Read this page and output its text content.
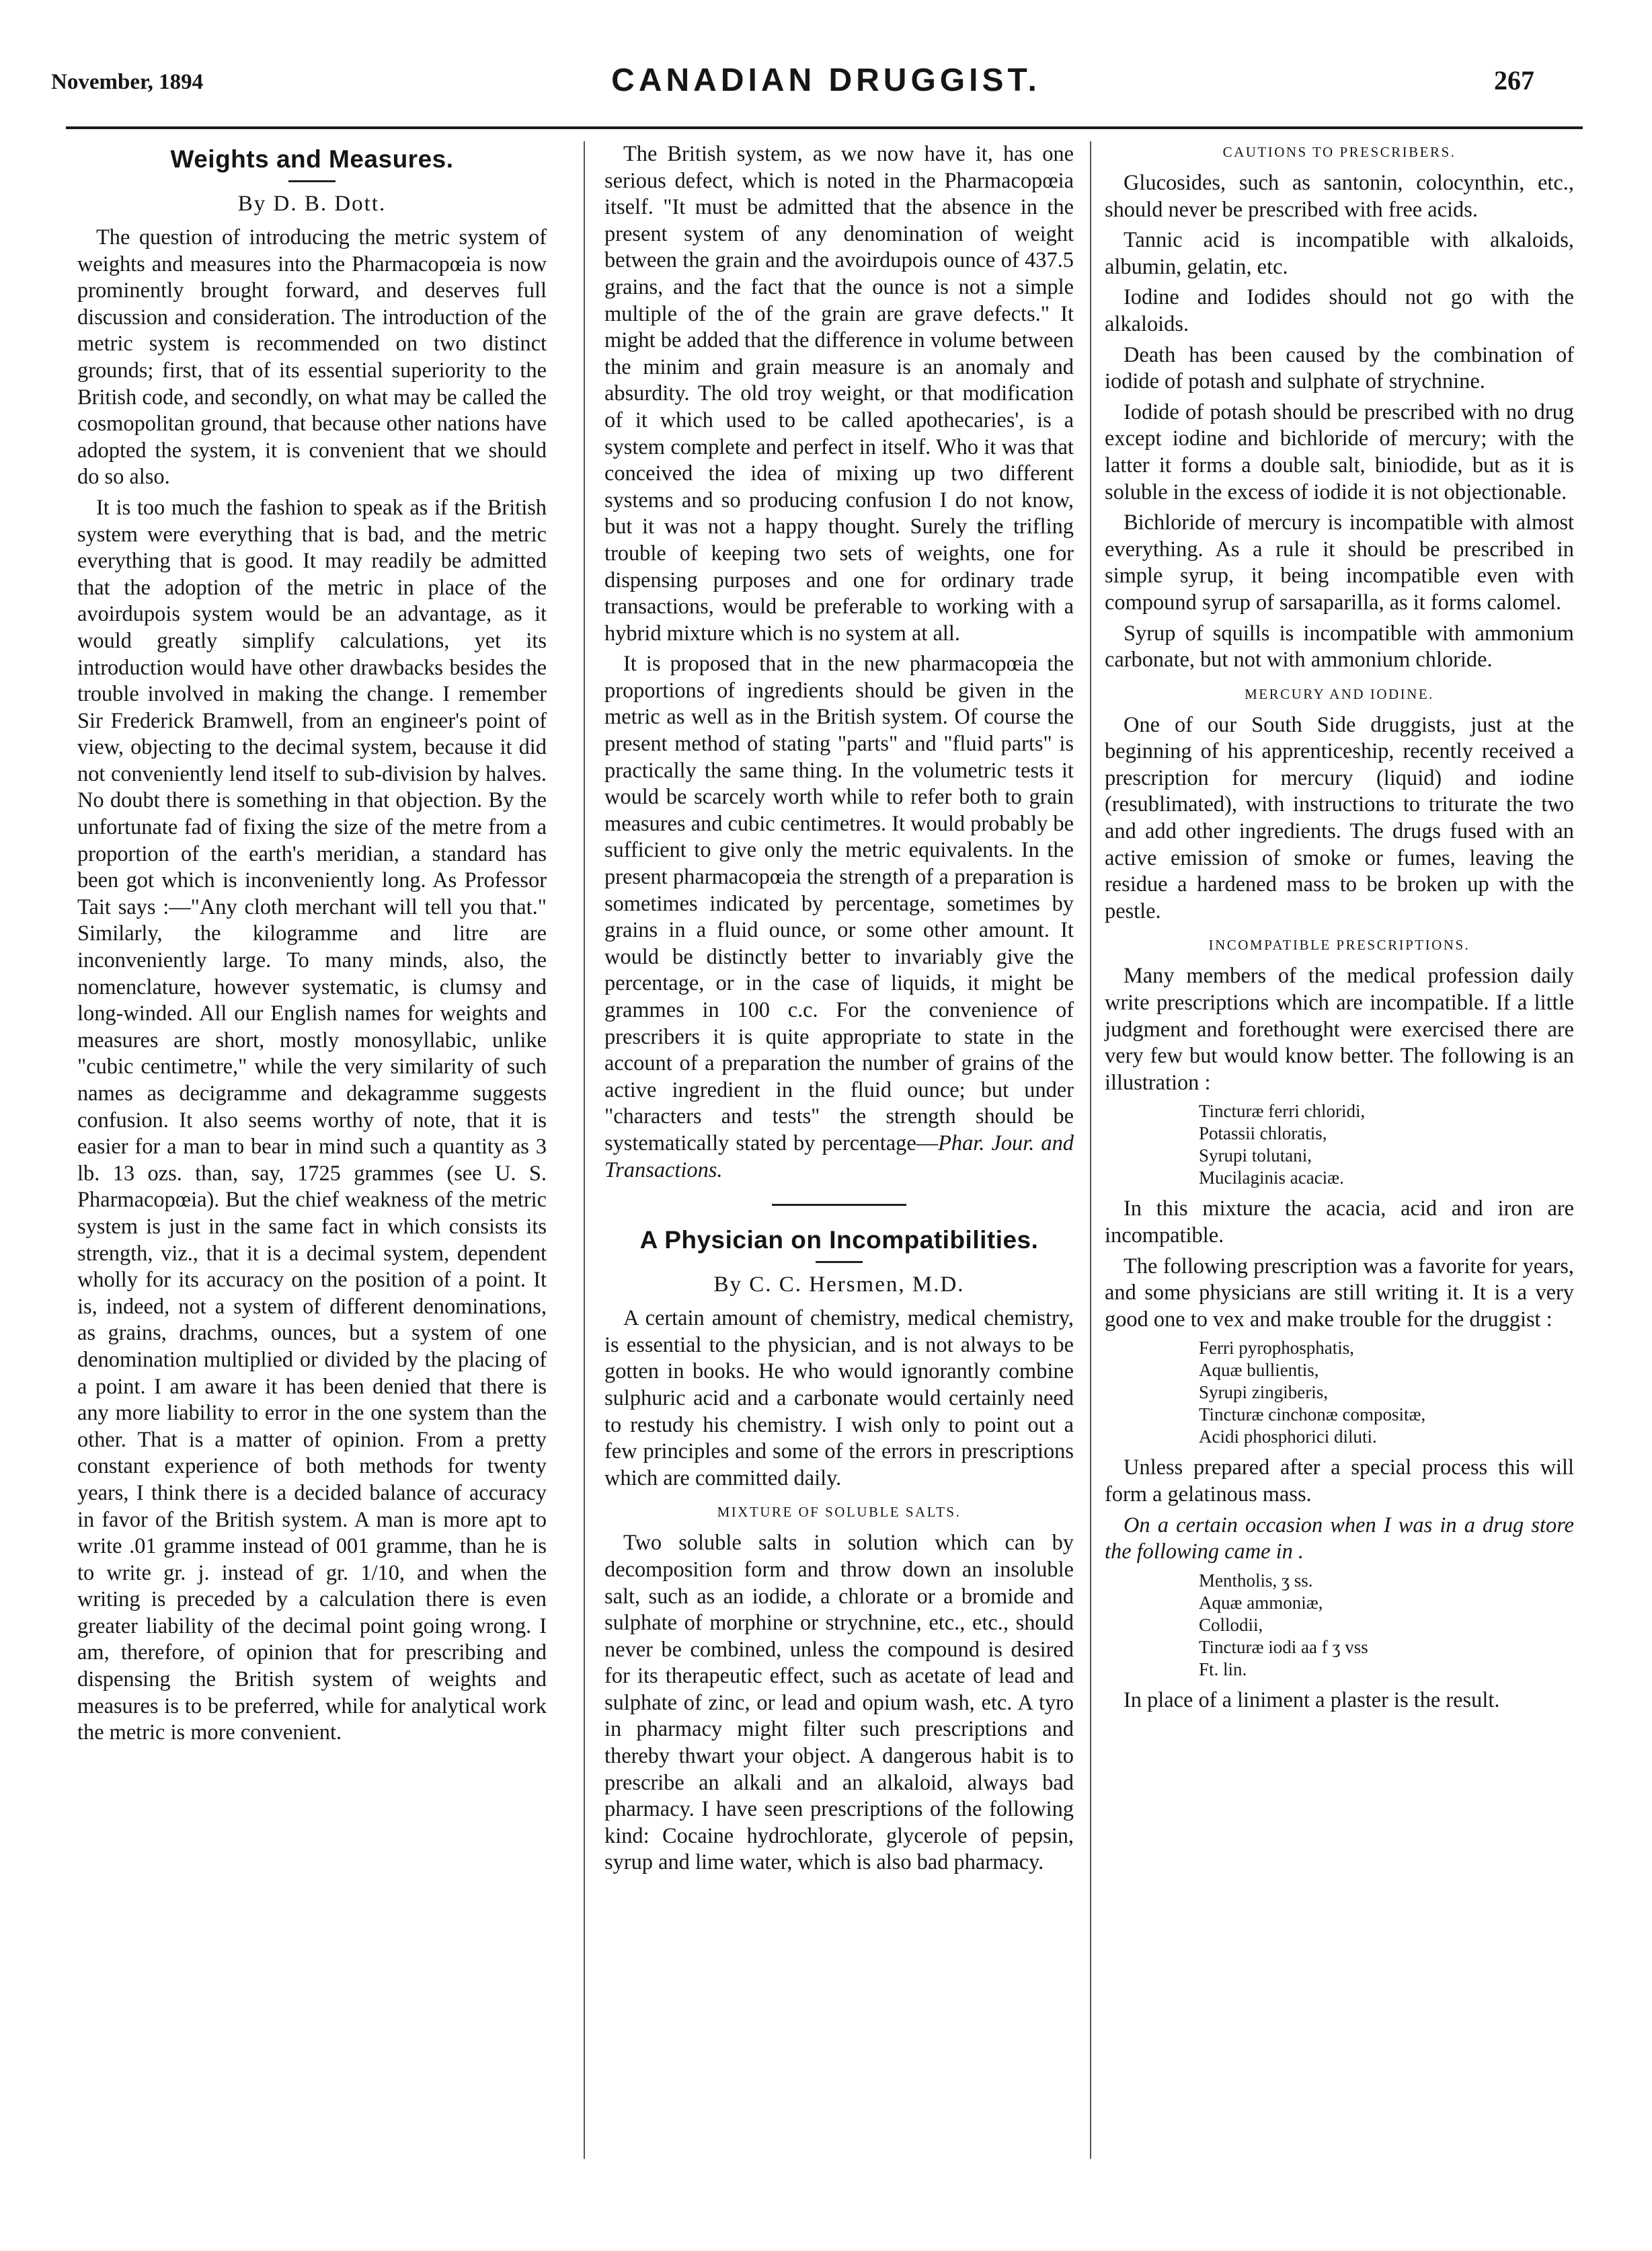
November, 1894	CANADIAN DRUGGIST.	267
Weights and Measures.
By D. B. Dott.

The question of introducing the metric system of weights and measures into the Pharmacopœia is now prominently brought forward, and deserves full discussion and consideration. The introduction of the metric system is recommended on two distinct grounds; first, that of its essential superiority to the British code, and secondly, on what may be called the cosmopolitan ground, that because other nations have adopted the system, it is convenient that we should do so also.

It is too much the fashion to speak as if the British system were everything that is bad, and the metric everything that is good. It may readily be admitted that the adoption of the metric in place of the avoirdupois system would be an advantage, as it would greatly simplify calculations, yet its introduction would have other drawbacks besides the trouble involved in making the change. I remember Sir Frederick Bramwell, from an engineer's point of view, objecting to the decimal system, because it did not conveniently lend itself to sub-division by halves. No doubt there is something in that objection. By the unfortunate fad of fixing the size of the metre from a proportion of the earth's meridian, a standard has been got which is inconveniently long. As Professor Tait says :—"Any cloth merchant will tell you that." Similarly, the kilogramme and litre are inconveniently large. To many minds, also, the nomenclature, however systematic, is clumsy and long-winded. All our English names for weights and measures are short, mostly monosyllabic, unlike "cubic centimetre," while the very similarity of such names as decigramme and dekagramme suggests confusion. It also seems worthy of note, that it is easier for a man to bear in mind such a quantity as 3 lb. 13 ozs. than, say, 1725 grammes (see U. S. Pharmacopœia). But the chief weakness of the metric system is just in the same fact in which consists its strength, viz., that it is a decimal system, dependent wholly for its accuracy on the position of a point. It is, indeed, not a system of different denominations, as grains, drachms, ounces, but a system of one denomination multiplied or divided by the placing of a point. I am aware it has been denied that there is any more liability to error in the one system than the other. That is a matter of opinion. From a pretty constant experience of both methods for twenty years, I think there is a decided balance of accuracy in favor of the British system. A man is more apt to write .01 gramme instead of 001 gramme, than he is to write gr. j. instead of gr. 1/10, and when the writing is preceded by a calculation there is even greater liability of the decimal point going wrong. I am, therefore, of opinion that for prescribing and dispensing the British system of weights and measures is to be preferred, while for analytical work the metric is more convenient.

The British system, as we now have it, has one serious defect, which is noted in the Pharmacopœia itself. "It must be admitted that the absence in the present system of any denomination of weight between the grain and the avoirdupois ounce of 437.5 grains, and the fact that the ounce is not a simple multiple of the of the grain are grave defects." It might be added that the difference in volume between the minim and grain measure is an anomaly and absurdity. The old troy weight, or that modification of it which used to be called apothecaries', is a system complete and perfect in itself. Who it was that conceived the idea of mixing up two different systems and so producing confusion I do not know, but it was not a happy thought. Surely the trifling trouble of keeping two sets of weights, one for dispensing purposes and one for ordinary trade transactions, would be preferable to working with a hybrid mixture which is no system at all.

It is proposed that in the new pharmacopœia the proportions of ingredients should be given in the metric as well as in the British system. Of course the present method of stating "parts" and "fluid parts" is practically the same thing. In the volumetric tests it would be scarcely worth while to refer both to grain measures and cubic centimetres. It would probably be sufficient to give only the metric equivalents. In the present pharmacopœia the strength of a preparation is sometimes indicated by percentage, sometimes by grains in a fluid ounce, or some other amount. It would be distinctly better to invariably give the percentage, or in the case of liquids, it might be grammes in 100 c.c. For the convenience of prescribers it is quite appropriate to state in the account of a preparation the number of grains of the active ingredient in the fluid ounce; but under "characters and tests" the strength should be systematically stated by percentage—Phar. Jour. and Transactions.

A Physician on Incompatibilities.
By C. C. Hersmen, M.D.

A certain amount of chemistry, medical chemistry, is essential to the physician, and is not always to be gotten in books. He who would ignorantly combine sulphuric acid and a carbonate would certainly need to restudy his chemistry. I wish only to point out a few principles and some of the errors in prescriptions which are committed daily.

MIXTURE OF SOLUBLE SALTS.

Two soluble salts in solution which can by decomposition form and throw down an insoluble salt, such as an iodide, a chlorate or a bromide and sulphate of morphine or strychnine, etc., etc., should never be combined, unless the compound is desired for its therapeutic effect, such as acetate of lead and sulphate of zinc, or lead and opium wash, etc. A tyro in pharmacy might filter such prescriptions and thereby thwart your object. A dangerous habit is to prescribe an alkali and an alkaloid, always bad pharmacy. I have seen prescriptions of the following kind: Cocaine hydrochlorate, glycerole of pepsin, syrup and lime water, which is also bad pharmacy.

CAUTIONS TO PRESCRIBERS.

Glucosides, such as santonin, colocynthin, etc., should never be prescribed with free acids.

Tannic acid is incompatible with alkaloids, albumin, gelatin, etc.

Iodine and Iodides should not go with the alkaloids.

Death has been caused by the combination of iodide of potash and sulphate of strychnine.

Iodide of potash should be prescribed with no drug except iodine and bichloride of mercury; with the latter it forms a double salt, biniodide, but as it is soluble in the excess of iodide it is not objectionable.

Bichloride of mercury is incompatible with almost everything. As a rule it should be prescribed in simple syrup, it being incompatible even with compound syrup of sarsaparilla, as it forms calomel.

Syrup of squills is incompatible with ammonium carbonate, but not with ammonium chloride.

MERCURY AND IODINE.

One of our South Side druggists, just at the beginning of his apprenticeship, recently received a prescription for mercury (liquid) and iodine (resublimated), with instructions to triturate the two and add other ingredients. The drugs fused with an active emission of smoke or fumes, leaving the residue a hardened mass to be broken up with the pestle.

INCOMPATIBLE PRESCRIPTIONS.

Many members of the medical profession daily write prescriptions which are incompatible. If a little judgment and forethought were exercised there are very few but would know better. The following is an illustration :

Tincturæ ferri chloridi,
Potassii chloratis,
Syrupi tolutani,
Mucilaginis acaciæ.

In this mixture the acacia, acid and iron are incompatible.

The following prescription was a favorite for years, and some physicians are still writing it. It is a very good one to vex and make trouble for the druggist :

Ferri pyrophosphatis,
Aquæ bullientis,
Syrupi zingiberis,
Tincturæ cinchonæ compositæ,
Acidi phosphorici diluti.

Unless prepared after a special process this will form a gelatinous mass.

On a certain occasion when I was in a drug store the following came in .

Mentholis, ʒ ss.
Aquæ ammoniæ,
Collodii,
Tincturæ iodi aa f ʒ vss
Ft. lin.

In place of a liniment a plaster is the result.
